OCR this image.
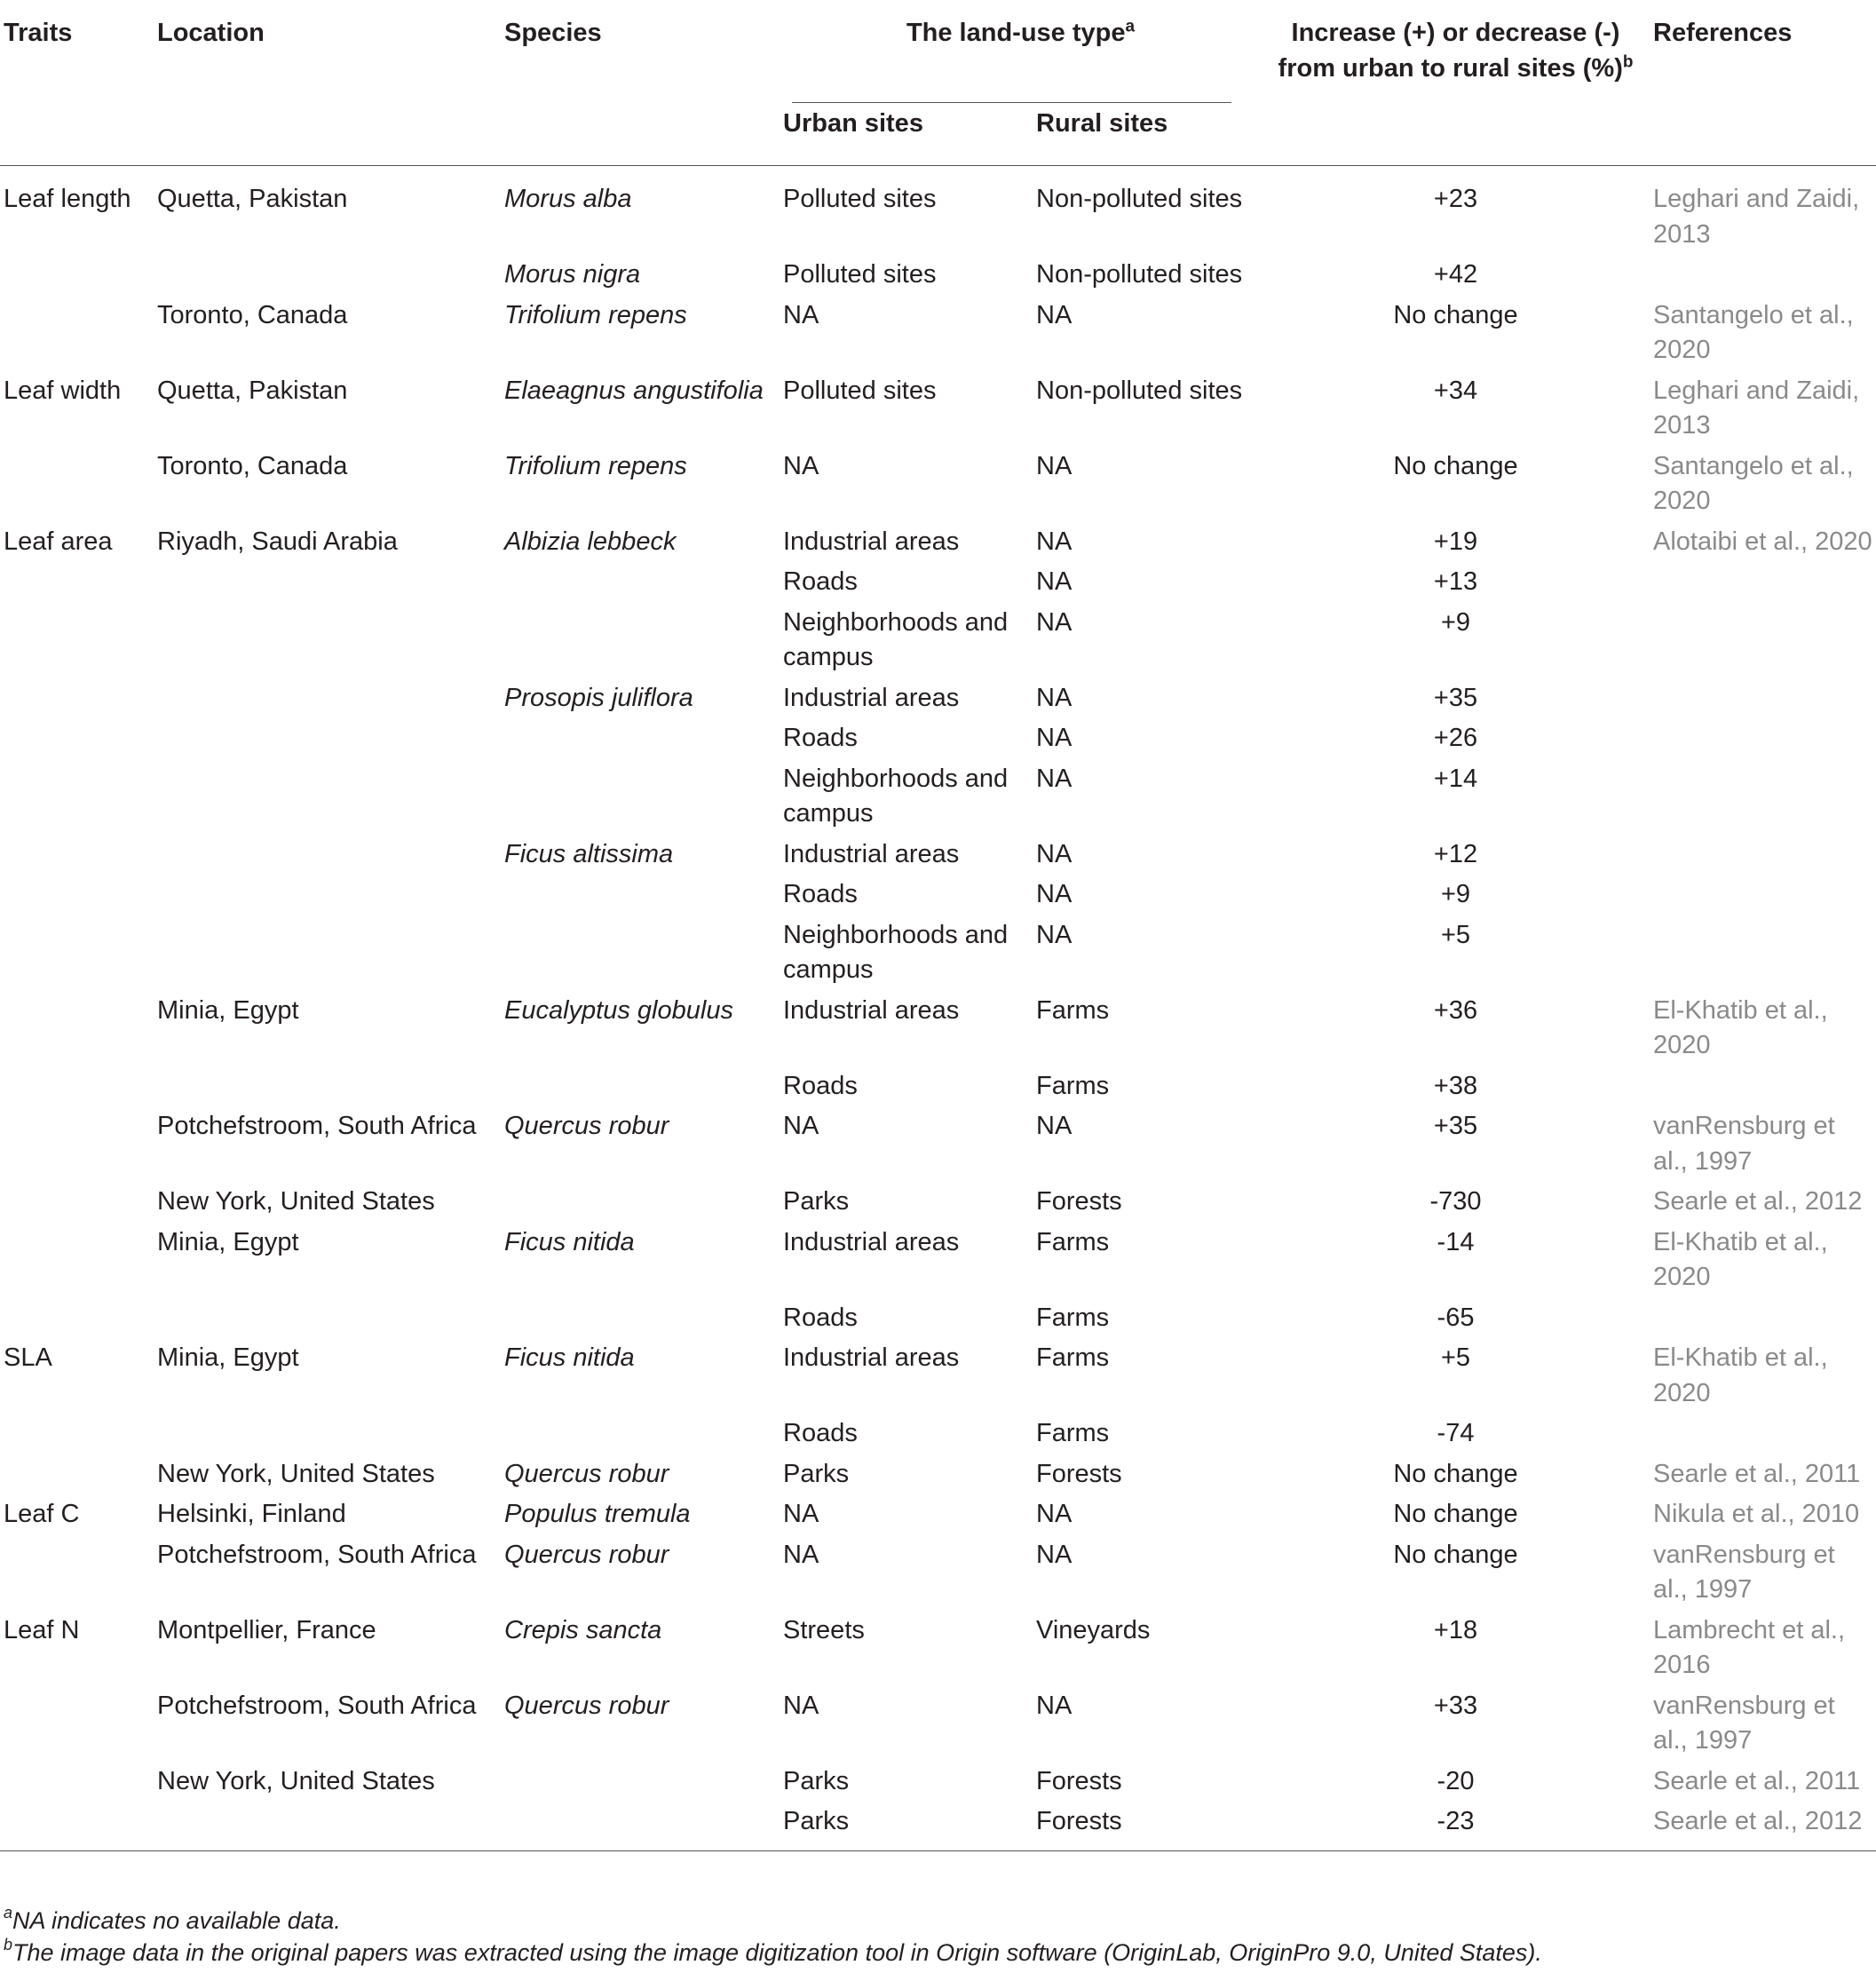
Traits	Location	Species	The land-use type$^a$		Increase (+) or decrease (-)
from urban to rural sites (%)$^b$	References
			Urban sites	Rural sites		
Leaf length	Quetta, Pakistan	Morus alba	Polluted sites	Non-polluted sites	+23	Leghari and Zaidi, 2013
		Morus nigra	Polluted sites	Non-polluted sites	+42	
	Toronto, Canada	Trifolium repens	NA	NA	No change	Santangelo et al., 2020
Leaf width	Quetta, Pakistan	Elaeagnus angustifolia	Polluted sites	Non-polluted sites	+34	Leghari and Zaidi, 2013
	Toronto, Canada	Trifolium repens	NA	NA	No change	Santangelo et al., 2020
Leaf area	Riyadh, Saudi Arabia	Albizia lebbeck	Industrial areas	NA	+19	Alotaibi et al., 2020
			Roads	NA	+13	
			Neighborhoods and campus	NA	+9	
		Prosopis juliflora	Industrial areas	NA	+35	
			Roads	NA	+26	
			Neighborhoods and campus	NA	+14	
		Ficus altissima	Industrial areas	NA	+12	
			Roads	NA	+9	
			Neighborhoods and campus	NA	+5	
	Minia, Egypt	Eucalyptus globulus	Industrial areas	Farms	+36	El-Khatib et al., 2020
			Roads	Farms	+38	
	Potchefstroom, South Africa	Quercus robur	NA	NA	+35	vanRensburg et al., 1997
	New York, United States		Parks	Forests	-730	Searle et al., 2012
	Minia, Egypt	Ficus nitida	Industrial areas	Farms	-14	El-Khatib et al., 2020
			Roads	Farms	-65	
SLA	Minia, Egypt	Ficus nitida	Industrial areas	Farms	+5	El-Khatib et al., 2020
			Roads	Farms	-74	
	New York, United States	Quercus robur	Parks	Forests	No change	Searle et al., 2011
Leaf C	Helsinki, Finland	Populus tremula	NA	NA	No change	Nikula et al., 2010
	Potchefstroom, South Africa	Quercus robur	NA	NA	No change	vanRensburg et al., 1997
Leaf N	Montpellier, France	Crepis sancta	Streets	Vineyards	+18	Lambrecht et al., 2016
	Potchefstroom, South Africa	Quercus robur	NA	NA	+33	vanRensburg et al., 1997
	New York, United States		Parks	Forests	-20	Searle et al., 2011
			Parks	Forests	-23	Searle et al., 2012
$^a$NA indicates no available data.
$^b$The image data in the original papers was extracted using the image digitization tool in Origin software (OriginLab, OriginPro 9.0, United States).
